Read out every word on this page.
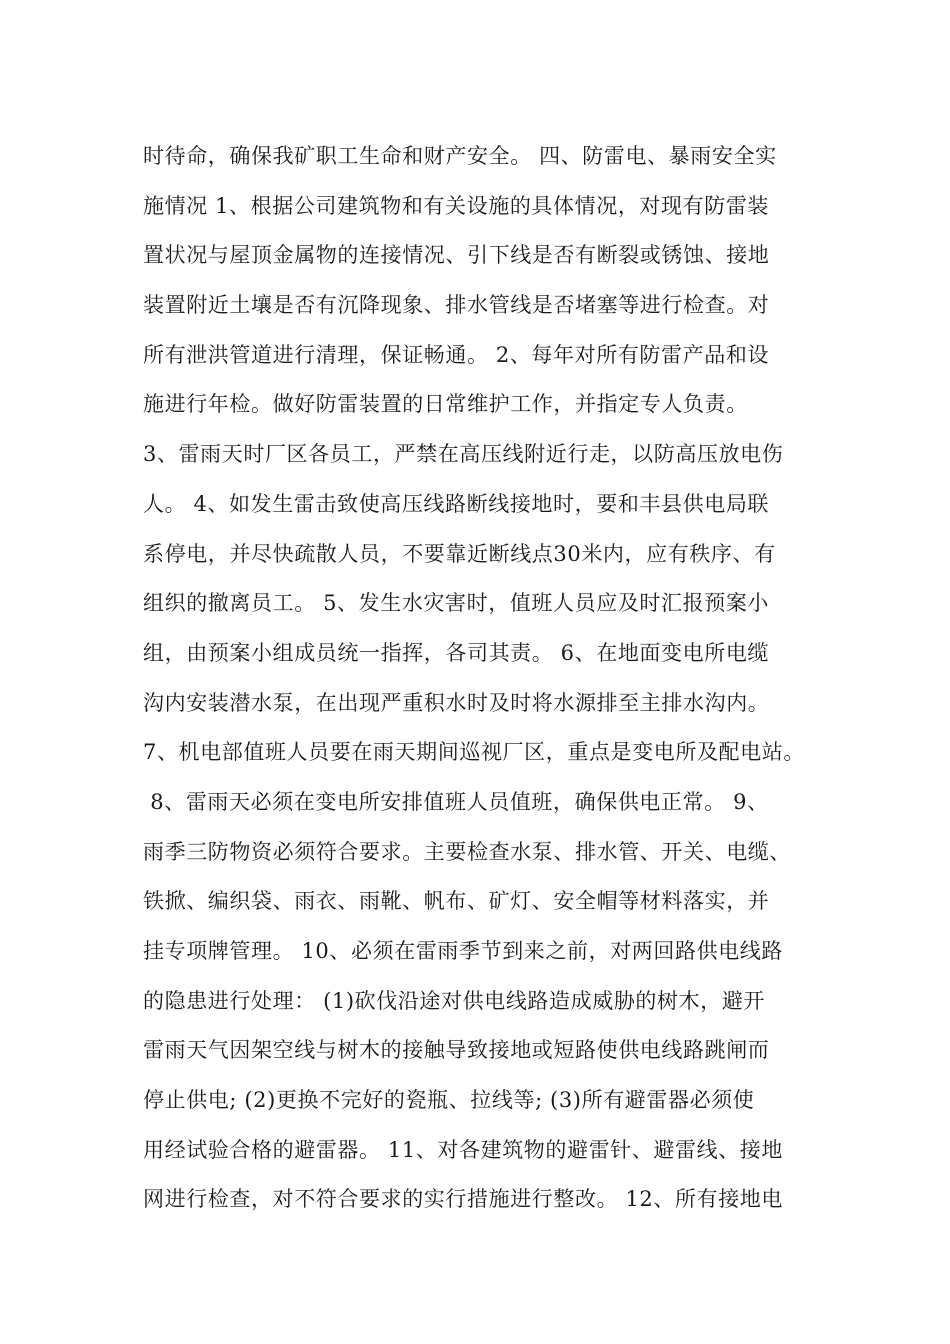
时待命，确保我矿职工生命和财产安全。 四、防雷电、暴雨安全实
施情况 1、根据公司建筑物和有关设施的具体情况，对现有防雷装
置状况与屋顶金属物的连接情况、引下线是否有断裂或锈蚀、接地
装置附近土壤是否有沉降现象、排水管线是否堵塞等进行检查。对
所有泄洪管道进行清理，保证畅通。 2、每年对所有防雷产品和设
施进行年检。做好防雷装置的日常维护工作，并指定专人负责。
3、雷雨天时厂区各员工，严禁在高压线附近行走，以防高压放电伤
人。 4、如发生雷击致使高压线路断线接地时，要和丰县供电局联
系停电，并尽快疏散人员，不要靠近断线点30米内，应有秩序、有
组织的撤离员工。 5、发生水灾害时，值班人员应及时汇报预案小
组，由预案小组成员统一指挥，各司其责。 6、在地面变电所电缆
沟内安装潜水泵，在出现严重积水时及时将水源排至主排水沟内。
7、机电部值班人员要在雨天期间巡视厂区，重点是变电所及配电站。
8、雷雨天必须在变电所安排值班人员值班，确保供电正常。 9、
雨季三防物资必须符合要求。主要检查水泵、排水管、开关、电缆、
铁掀、编织袋、雨衣、雨靴、帆布、矿灯、安全帽等材料落实，并
挂专项牌管理。 10、必须在雷雨季节到来之前，对两回路供电线路
的隐患进行处理： (1)砍伐沿途对供电线路造成威胁的树木，避开
雷雨天气因架空线与树木的接触导致接地或短路使供电线路跳闸而
停止供电; (2)更换不完好的瓷瓶、拉线等; (3)所有避雷器必须使
用经试验合格的避雷器。 11、对各建筑物的避雷针、避雷线、接地
网进行检查，对不符合要求的实行措施进行整改。 12、所有接地电
